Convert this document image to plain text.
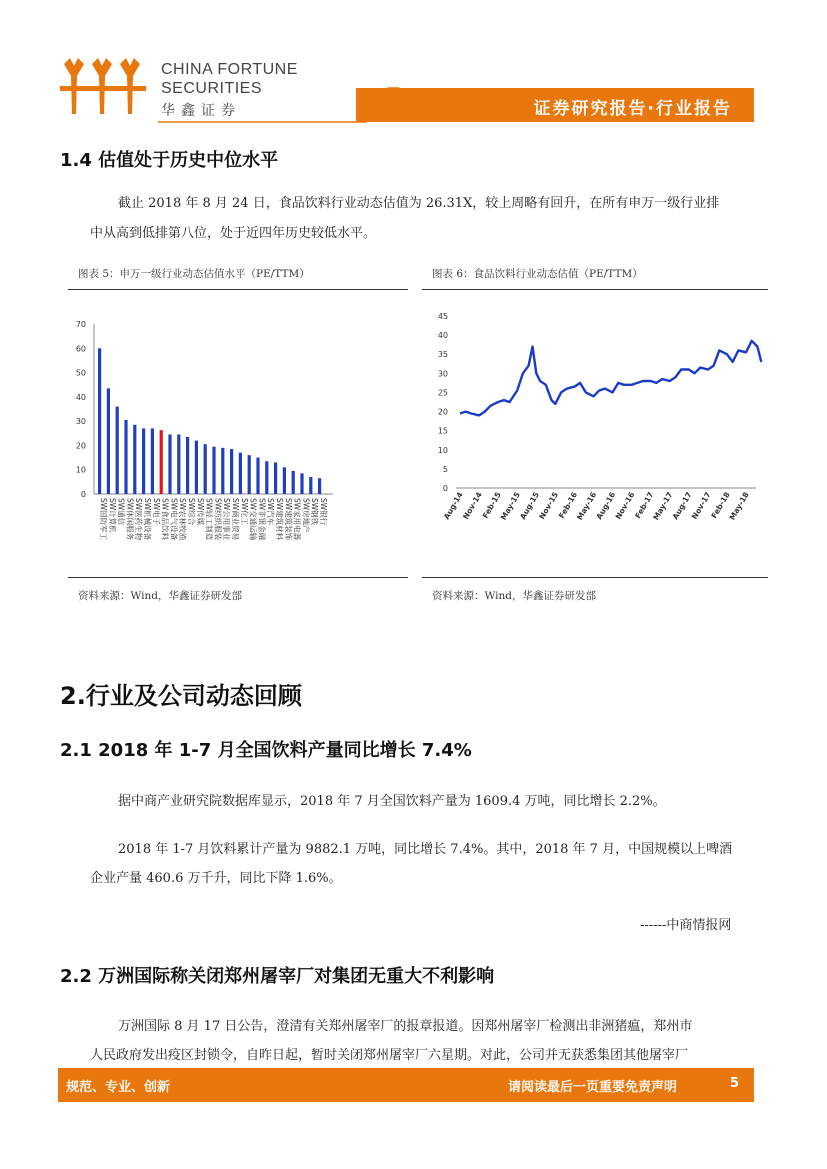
CHINA FORTUNE
SECURITIES
华鑫证券	证券研究报告·行业报告
1.4 估值处于历史中位水平
截止 2018 年 8 月 24 日，食品饮料行业动态估值为 26.31X，较上周略有回升，在所有申万一级行业排
中从高到低排第八位，处于近四年历史较低水平。
图表 5：申万一级行业动态估值水平（PE/TTM）
0
10
20
30
40
50
60
70
SW国防军工 SW计算机 SW通信 SW休闲服务 SW医药生物 SW机械设备 SW电子 SW食品饮料 SW电气设备 SW农林牧渔 SW综合 SW传媒 SW轻工制造 SW纺织服装 SW公用事业 SW商业贸易 SW化工 SW交通运输 SW非银金融 SW汽车 SW建筑材料 SW建筑装饰 SW家用电器 SW房地产 SW钢铁 SW银行
资料来源：Wind，华鑫证券研发部
图表 6：食品饮料行业动态估值（PE/TTM）
0
5
10
15
20
25
30
35
40
45
Aug-14
Nov-14
Feb-15
May-15
Aug-15
Nov-15
Feb-16
May-16
Aug-16
Nov-16
Feb-17
May-17
Aug-17
Nov-17
Feb-18
May-18
资料来源：Wind，华鑫证券研发部
2.行业及公司动态回顾
2.1 2018 年 1-7 月全国饮料产量同比增长 7.4%
据中商产业研究院数据库显示，2018 年 7 月全国饮料产量为 1609.4 万吨，同比增长 2.2%。
2018 年 1-7 月饮料累计产量为 9882.1 万吨，同比增长 7.4%。其中，2018 年 7 月，中国规模以上啤酒
企业产量 460.6 万千升，同比下降 1.6%。
------中商情报网
2.2 万洲国际称关闭郑州屠宰厂对集团无重大不利影响
万洲国际 8 月 17 日公告，澄清有关郑州屠宰厂的报章报道。因郑州屠宰厂检测出非洲猪瘟，郑州市
人民政府发出疫区封锁令，自昨日起，暂时关闭郑州屠宰厂六星期。对此，公司并无获悉集团其他屠宰厂
规范、专业、创新	请阅读最后一页重要免责声明	5
